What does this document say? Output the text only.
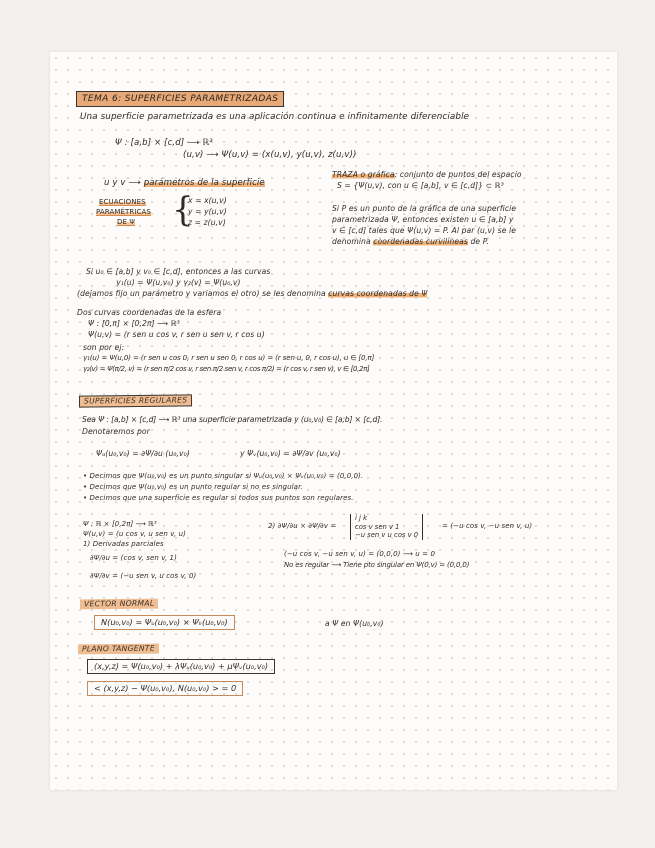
TEMA 6: SUPERFICIES PARAMETRIZADAS
Una superficie parametrizada es una aplicación continua e infinitamente diferenciable
Ψ : [a,b] × [c,d] ⟶ ℝ³
(u,v) ⟶ Ψ(u,v) = (x(u,v), y(u,v), z(u,v))
u y v ⟶ parámetros de la superficie
TRAZA o gráfica: conjunto de puntos del espacio
S = {Ψ(u,v), con u ∈ [a,b], v ∈ [c,d]} ⊂ ℝ³
ECUACIONES
PARAMÉTRICAS
DE Ψ {
x = x(u,v)
y = y(u,v)
z = z(u,v)
Si P es un punto de la gráfica de una superficie
parametrizada Ψ, entonces existen u ∈ [a,b] y
v ∈ [c,d] tales que Ψ(u,v) = P. Al par (u,v) se le
denomina coordenadas curvilíneas de P.
Si u₀ ∈ [a,b] y v₀ ∈ [c,d], entonces a las curvas
γ₁(u) = Ψ(u,v₀) y γ₂(v) = Ψ(u₀,v)
(dejamos fijo un parámetro y variamos el otro) se les denomina curvas coordenadas de Ψ
Dos curvas coordenadas de la esfera
Ψ : [0,π] × [0,2π] ⟶ ℝ³
Ψ(u,v) = (r sen u cos v, r sen u sen v, r cos u)
son por ej:
γ₁(u) = Ψ(u,0) = (r sen u cos 0, r sen u sen 0, r cos u) = (r sen u, 0, r cos u), u ∈ [0,π]
γ₂(v) = Ψ(π/2, v) = (r sen π/2 cos v, r sen π/2 sen v, r cos π/2) = (r cos v, r sen v), v ∈ [0,2π]
SUPERFICIES REGULARES
Sea Ψ : [a,b] × [c,d] ⟶ ℝ³ una superficie parametrizada y (u₀,v₀) ∈ [a,b] × [c,d].
Denotaremos por
Ψᵤ(u₀,v₀) = ∂Ψ/∂u (u₀,v₀)	y Ψᵥ(u₀,v₀) = ∂Ψ/∂v (u₀,v₀)
• Decimos que Ψ(u₀,v₀) es un punto singular si Ψᵤ(u₀,v₀) × Ψᵥ(u₀,v₀) = (0,0,0).
• Decimos que Ψ(u₀,v₀) es un punto regular si no es singular.
• Decimos que una superficie es regular si todos sus puntos son regulares.
Ψ : ℝ × [0,2π] ⟶ ℝ³
Ψ(u,v) = (u cos v, u sen v, u)
1) Derivadas parciales
∂Ψ/∂u = (cos v, sen v, 1)
∂Ψ/∂v = (−u sen v, u cos v, 0)
2) ∂Ψ/∂u × ∂Ψ/∂v =
i j k
cos v sen v 1
−u sen v u cos v 0
= (−u cos v, −u sen v, u)
(−u cos v, −u sen v, u) = (0,0,0) ⟶ u = 0
No es regular ⟶ Tiene pto singular en Ψ(0,v) = (0,0,0)
VECTOR NORMAL
N(u₀,v₀) = Ψᵤ(u₀,v₀) × Ψᵥ(u₀,v₀)	a Ψ en Ψ(u₀,v₀)
PLANO TANGENTE
(x,y,z) = Ψ(u₀,v₀) + λΨᵤ(u₀,v₀) + μΨᵥ(u₀,v₀)
< (x,y,z) − Ψ(u₀,v₀), N(u₀,v₀) > = 0
